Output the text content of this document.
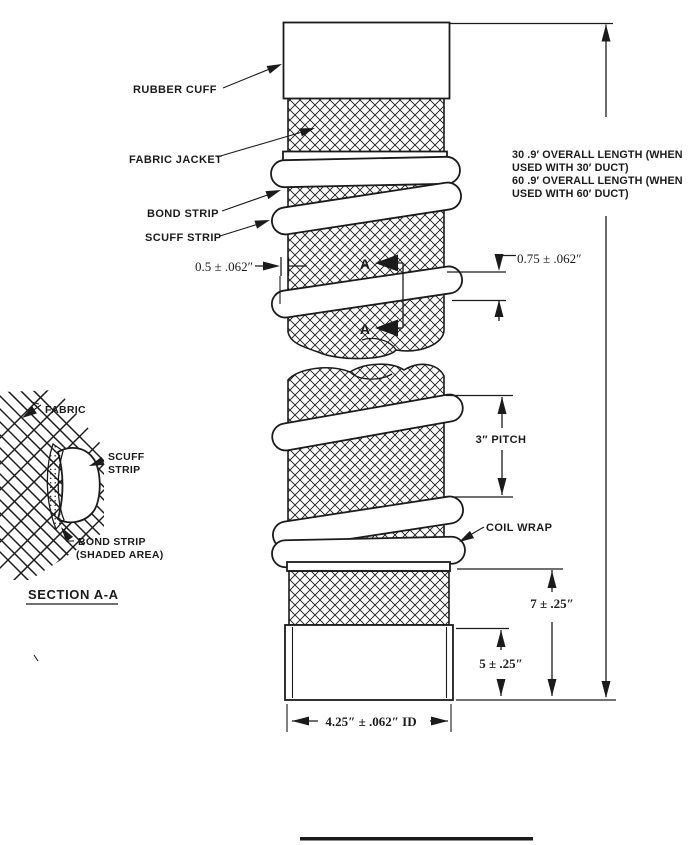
RUBBER CUFF
FABRIC JACKET
BOND STRIP
SCUFF STRIP
30 .9′ OVERALL LENGTH (WHEN
USED WITH 30′ DUCT)
60 .9′ OVERALL LENGTH (WHEN
USED WITH 60′ DUCT)
0.5 ± .062″
0.75 ± .062″
A
A
3″ PITCH
COIL WRAP
7 ± .25″
5 ± .25″
4.25″ ± .062″ ID
FABRIC
SCUFF
STRIP
BOND STRIP
(SHADED AREA)
SECTION A-A
